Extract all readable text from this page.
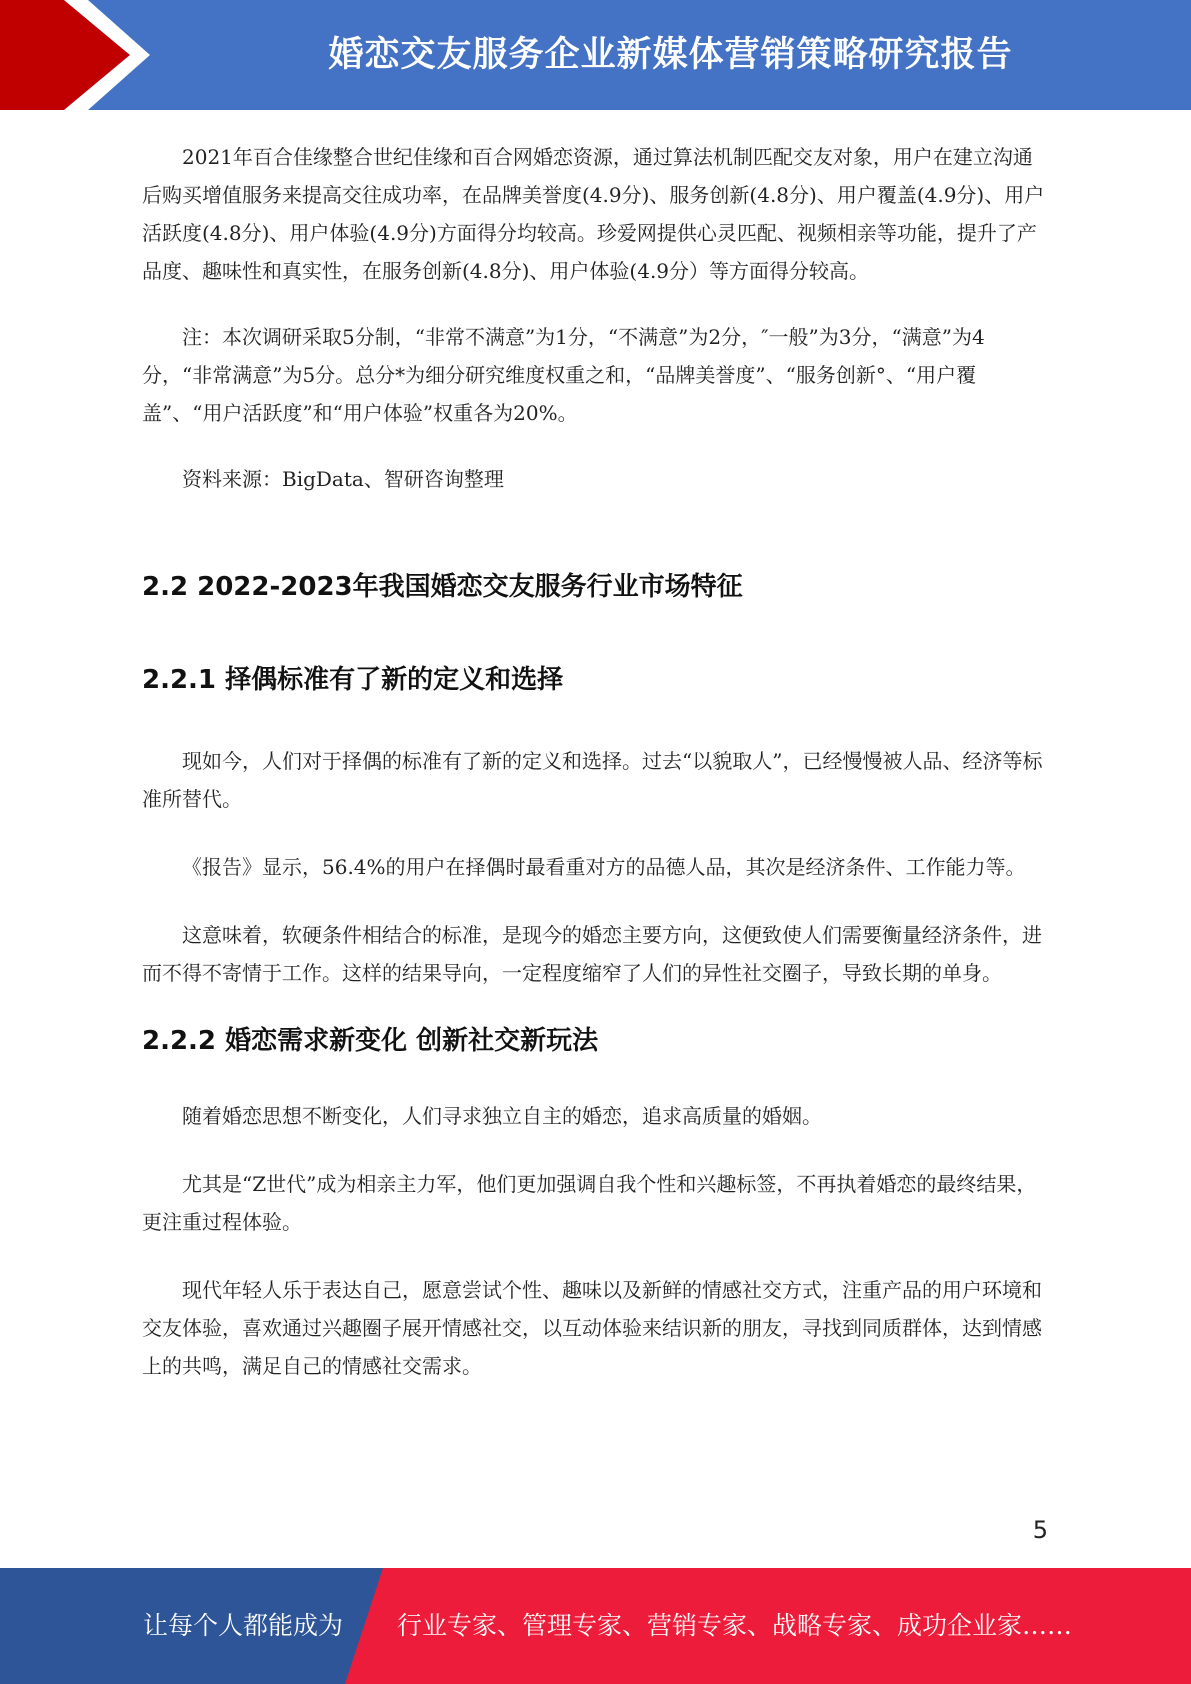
婚恋交友服务企业新媒体营销策略研究报告

2021年百合佳缘整合世纪佳缘和百合网婚恋资源，通过算法机制匹配交友对象，用户在建立沟通后购买增值服务来提高交往成功率，在品牌美誉度(4.9分)、服务创新(4.8分)、用户覆盖(4.9分)、用户活跃度(4.8分)、用户体验(4.9分)方面得分均较高。珍爱网提供心灵匹配、视频相亲等功能，提升了产品度、趣味性和真实性，在服务创新(4.8分)、用户体验(4.9分）等方面得分较高。

注：本次调研采取5分制，“非常不满意”为1分，“不满意”为2分，″一般”为3分，“满意”为4分，“非常满意”为5分。总分*为细分研究维度权重之和，“品牌美誉度”、“服务创新°、“用户覆盖”、“用户活跃度”和“用户体验”权重各为20%。

资料来源：BigData、智研咨询整理

2.2 2022-2023年我国婚恋交友服务行业市场特征
2.2.1 择偶标准有了新的定义和选择

现如今，人们对于择偶的标准有了新的定义和选择。过去“以貌取人”，已经慢慢被人品、经济等标准所替代。

《报告》显示，56.4%的用户在择偶时最看重对方的品德人品，其次是经济条件、工作能力等。

这意味着，软硬条件相结合的标准，是现今的婚恋主要方向，这便致使人们需要衡量经济条件，进而不得不寄情于工作。这样的结果导向，一定程度缩窄了人们的异性社交圈子，导致长期的单身。

2.2.2 婚恋需求新变化 创新社交新玩法

随着婚恋思想不断变化，人们寻求独立自主的婚恋，追求高质量的婚姻。

尤其是“Z世代”成为相亲主力军，他们更加强调自我个性和兴趣标签，不再执着婚恋的最终结果，更注重过程体验。

现代年轻人乐于表达自己，愿意尝试个性、趣味以及新鲜的情感社交方式，注重产品的用户环境和交友体验，喜欢通过兴趣圈子展开情感社交，以互动体验来结识新的朋友，寻找到同质群体，达到情感上的共鸣，满足自己的情感社交需求。

5
让每个人都能成为 行业专家、管理专家、营销专家、战略专家、成功企业家……
